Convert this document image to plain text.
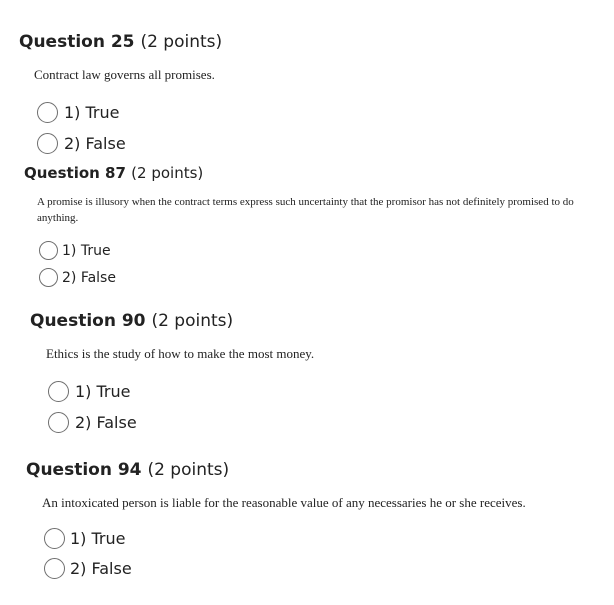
Question 25 (2 points)

Contract law governs all promises.

1) True
2) False
Question 87 (2 points)

A promise is illusory when the contract terms express such uncertainty that the promisor has not definitely promised to do anything.

1) True
2) False
Question 90 (2 points)

Ethics is the study of how to make the most money.

1) True
2) False
Question 94 (2 points)

An intoxicated person is liable for the reasonable value of any necessaries he or she receives.

1) True
2) False
